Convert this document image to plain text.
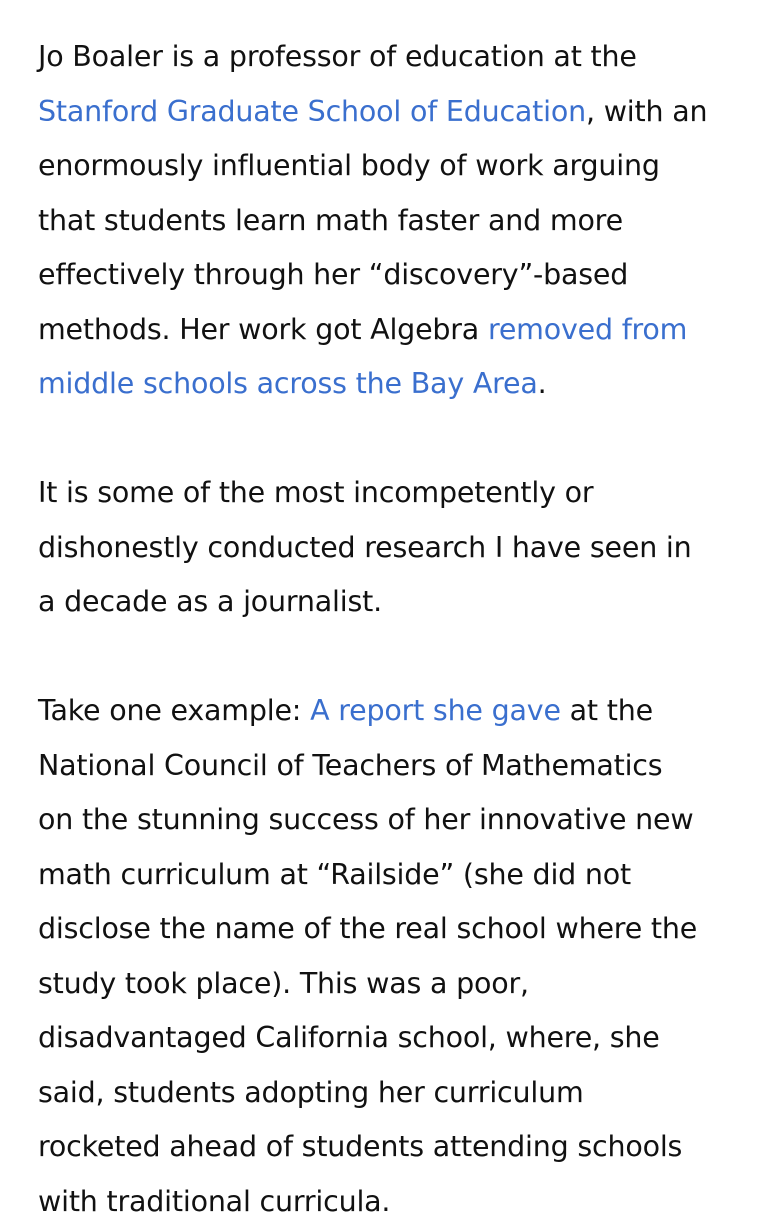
Jo Boaler is a professor of education at the
Stanford Graduate School of Education, with an
enormously influential body of work arguing
that students learn math faster and more
effectively through her “discovery”-based
methods. Her work got Algebra removed from
middle schools across the Bay Area.

It is some of the most incompetently or
dishonestly conducted research I have seen in
a decade as a journalist.

Take one example: A report she gave at the
National Council of Teachers of Mathematics
on the stunning success of her innovative new
math curriculum at “Railside” (she did not
disclose the name of the real school where the
study took place). This was a poor,
disadvantaged California school, where, she
said, students adopting her curriculum
rocketed ahead of students attending schools
with traditional curricula.
